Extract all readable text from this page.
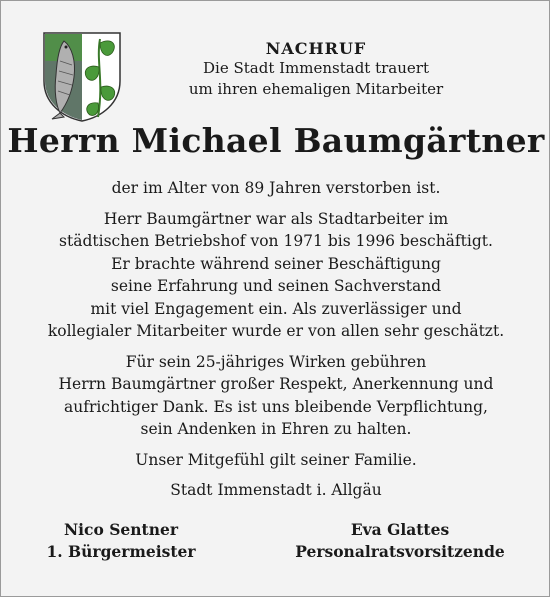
NACHRUF
Die Stadt Immenstadt trauert
um ihren ehemaligen Mitarbeiter
Herrn Michael Baumgärtner

der im Alter von 89 Jahren verstorben ist.

Herr Baumgärtner war als Stadtarbeiter im

städtischen Betriebshof von 1971 bis 1996 beschäftigt.

Er brachte während seiner Beschäftigung

seine Erfahrung und seinen Sachverstand

mit viel Engagement ein. Als zuverlässiger und

kollegialer Mitarbeiter wurde er von allen sehr geschätzt.

Für sein 25-jähriges Wirken gebühren

Herrn Baumgärtner großer Respekt, Anerkennung und

aufrichtiger Dank. Es ist uns bleibende Verpflichtung,

sein Andenken in Ehren zu halten.

Unser Mitgefühl gilt seiner Familie.

Stadt Immenstadt i. Allgäu

Nico Sentner
1. Bürgermeister
Eva Glattes
Personalratsvorsitzende
